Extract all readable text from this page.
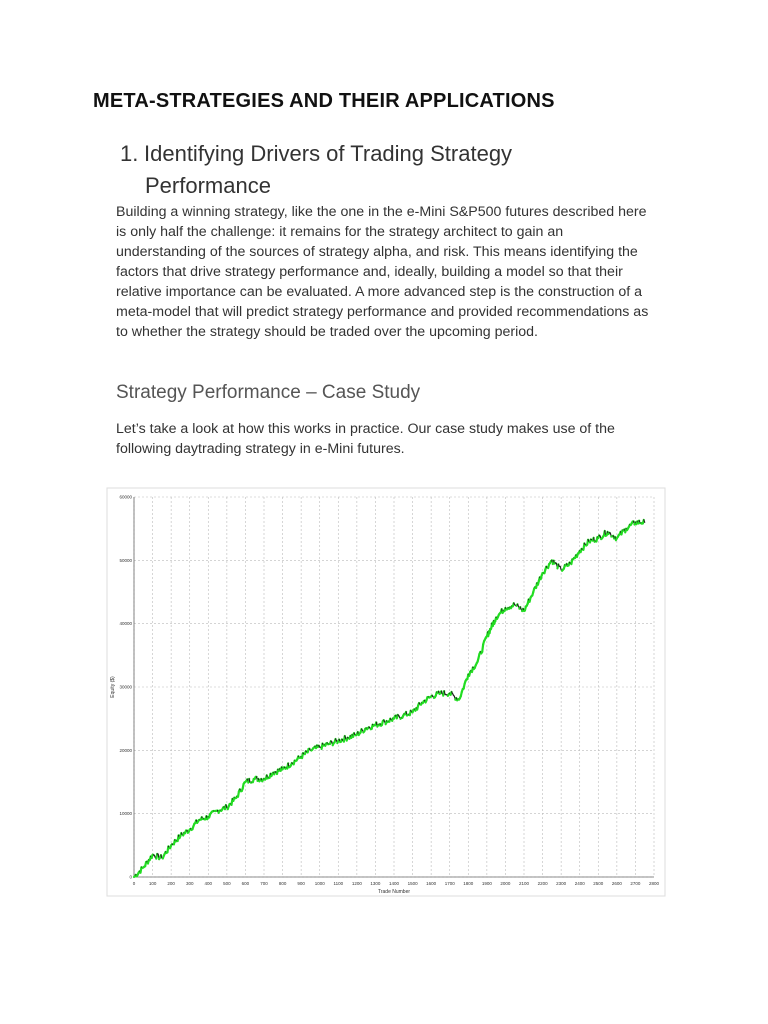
META-STRATEGIES AND THEIR APPLICATIONS
1. Identifying Drivers of Trading Strategy
Performance
Building a winning strategy, like the one in the e-Mini S&P500 futures described here is only half the challenge: it remains for the strategy architect to gain an understanding of the sources of strategy alpha, and risk. This means identifying the factors that drive strategy performance and, ideally, building a model so that their relative importance can be evaluated. A more advanced step is the construction of a meta-model that will predict strategy performance and provided recommendations as to whether the strategy should be traded over the upcoming period.
Strategy Performance – Case Study
Let’s take a look at how this works in practice. Our case study makes use of the following daytrading strategy in e-Mini futures.
0	100 200 300 400 500 600 700 800 900 1000 1100 1200 1300 1400 1500 1600 1700 1800 1900 2000 2100 2200 2300 2400 2500 2600 2700 2800
0
10000
20000
30000
40000
50000
60000
Trade Number
Equity ($)
